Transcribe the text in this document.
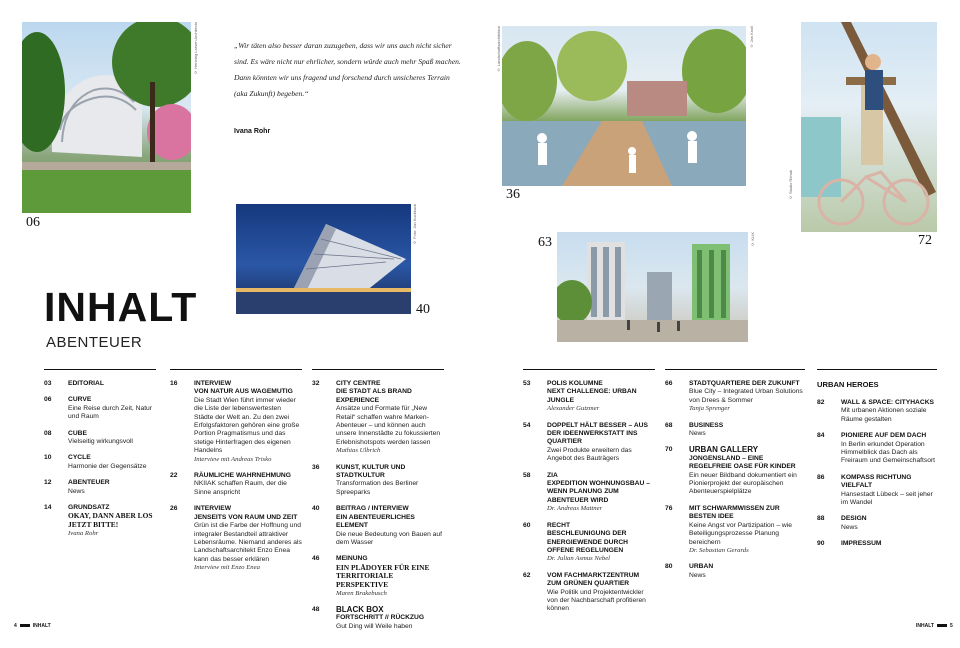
© Henning Larsen Architects
06
„Wir täten also besser daran zuzugeben, dass wir uns auch nicht sicher sind. Es wäre nicht nur ehrlicher, sondern würde auch mehr Spaß machen. Dann könnten wir uns fragend und forschend durch unsicheres Terrain (aka Zukunft) begeben.“
Ivana Rohr
© Foto: Jan Kuckkuck
40
© Jan Knoll
36	© Studio Rehak
72
© KLIK
63
INHALT
ABENTEUER
03 EDITORIAL
06 CURVE
Eine Reise durch Zeit, Natur und Raum
08 CUBE
Vielseitig wirkungsvoll
10 CYCLE
Harmonie der Gegensätze
12 ABENTEUER
News
14 GRUNDSATZ
OKAY, DANN ABER LOS JETZT BITTE!
Ivana Rohr
16 INTERVIEW
VON NATUR AUS WAGEMUTIG
Die Stadt Wien führt immer wieder die Liste der lebenswertesten Städte der Welt an. Zu den zwei Erfolgsfaktoren gehören eine große Portion Pragmatismus und das stetige Hinterfragen des eigenen Handelns
Interview mit Andreas Trisko
22 RÄUMLICHE WAHRNEHMUNG
NKIIAK schaffen Raum, der die Sinne anspricht
26 INTERVIEW
JENSEITS VON RAUM UND ZEIT
Grün ist die Farbe der Hoffnung und integraler Bestandteil attraktiver Lebensräume. Niemand anderes als Landschaftsarchitekt Enzo Enea kann das besser erklären
Interview mit Enzo Enea
32 CITY CENTRE
DIE STADT ALS BRAND EXPERIENCE
Ansätze und Formate für „New Retail“ schaffen wahre Marken-Abenteuer – und können auch unsere Innenstädte zu fokussierten Erlebnishotspots werden lassen
Mathias Ulbrich
36 KUNST, KULTUR UND STADTKULTUR
Transformation des Berliner Spreeparks
40 BEITRAG / INTERVIEW
EIN ABENTEUERLICHES ELEMENT
Die neue Bedeutung von Bauen auf dem Wasser
46 MEINUNG
EIN PLÄDOYER FÜR EINE TERRITORIALE PERSPEKTIVE
Maren Brakebusch
48 BLACK BOX
FORTSCHRITT // RÜCKZUG
Gut Ding will Weile haben
53 POLIS KOLUMNE
NEXT CHALLENGE: URBAN JUNGLE
Alexander Gutzmer
54 DOPPELT HÄLT BESSER – AUS DER IDEENWERKSTATT INS QUARTIER
Zwei Produkte erweitern das Angebot des Bauträgers
58 ZIA
EXPEDITION WOHNUNGSBAU – WENN PLANUNG ZUM ABENTEUER WIRD
Dr. Andreas Mattner
60 RECHT
BESCHLEUNIGUNG DER ENERGIEWENDE DURCH OFFENE REGELUNGEN
Dr. Julian Asmus Nebel
62 VOM FACHMARKTZENTRUM ZUM GRÜNEN QUARTIER
Wie Politik und Projektentwickler von der Nachbarschaft profitieren können
66 STADTQUARTIERE DER ZUKUNFT
Blue City – Integrated Urban Solutions von Drees & Sommer
Tanja Sprenger
68 BUSINESS
News
70 URBAN GALLERY
JONGENSLAND – EINE REGELFREIE OASE FÜR KINDER
Ein neuer Bildband dokumentiert ein Pionierprojekt der europäischen Abenteuerspielplätze
76 MIT SCHWARMWISSEN ZUR BESTEN IDEE
Keine Angst vor Partizipation – wie Beteiligungsprozesse Planung bereichern
Dr. Sebastian Gerards
80 URBAN
News
URBAN HEROES
82 WALL & SPACE: CITYHACKS
Mit urbanen Aktionen soziale Räume gestalten
84 PIONIERE AUF DEM DACH
In Berlin erkundet Operation Himmelblick das Dach als Freiraum und Gemeinschaftsort
86 KOMPASS RICHTUNG VIELFALT
Hansestadt Lübeck – seit jeher im Wandel
88 DESIGN
News
90 IMPRESSUM
4	INHALT	INHALT	5
© Landschaftsarchitektur
